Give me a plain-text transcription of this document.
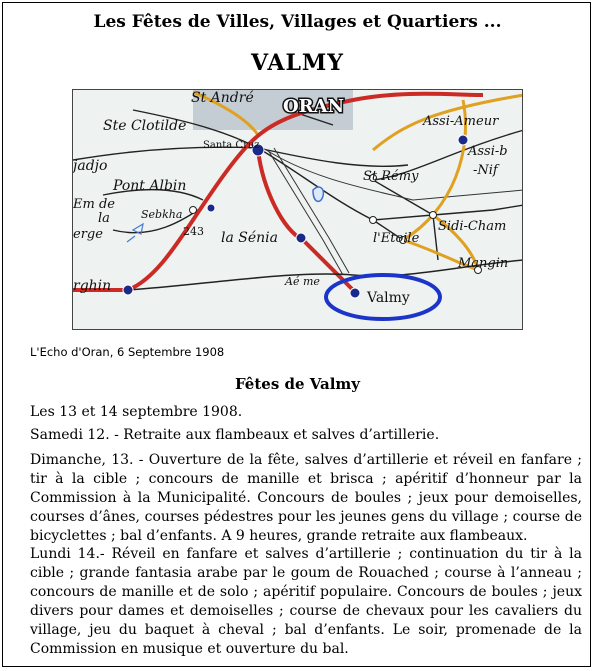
Les Fêtes de Villes, Villages et Quartiers ...
VALMY
St André ORAN
Ste Clotilde
Santa Cruz
jadjo
Pont Albin
Em de
erge
la	Sebkha
243 la Sénia
rghin	Aé me
Valmy
St Rémy
l'Etoile
Sidi-Cham
Mangin
Assi-Ameur
Assi-b
-Nif
L'Echo d'Oran, 6 Septembre 1908
Fêtes de Valmy

Les 13 et 14 septembre 1908.

Samedi 12. - Retraite aux flambeaux et salves d’artillerie.

Dimanche, 13. - Ouverture de la fête, salves d’artillerie et réveil en fanfare ; tir à la cible ; concours de manille et brisca ; apéritif d’honneur par la Commission à la Municipalité. Concours de boules ; jeux pour demoiselles, courses d’ânes, courses pédestres pour les jeunes gens du village ; course de bicyclettes ; bal d’enfants. A 9 heures, grande retraite aux flambeaux.

Lundi 14.- Réveil en fanfare et salves d’artillerie ; continuation du tir à la cible ; grande fantasia arabe par le goum de Rouached ; course à l’anneau ; concours de manille et de solo ; apéritif populaire. Concours de boules ; jeux divers pour dames et demoiselles ; course de chevaux pour les cavaliers du village, jeu du baquet à cheval ; bal d’enfants. Le soir, promenade de la Commission en musique et ouverture du bal.
